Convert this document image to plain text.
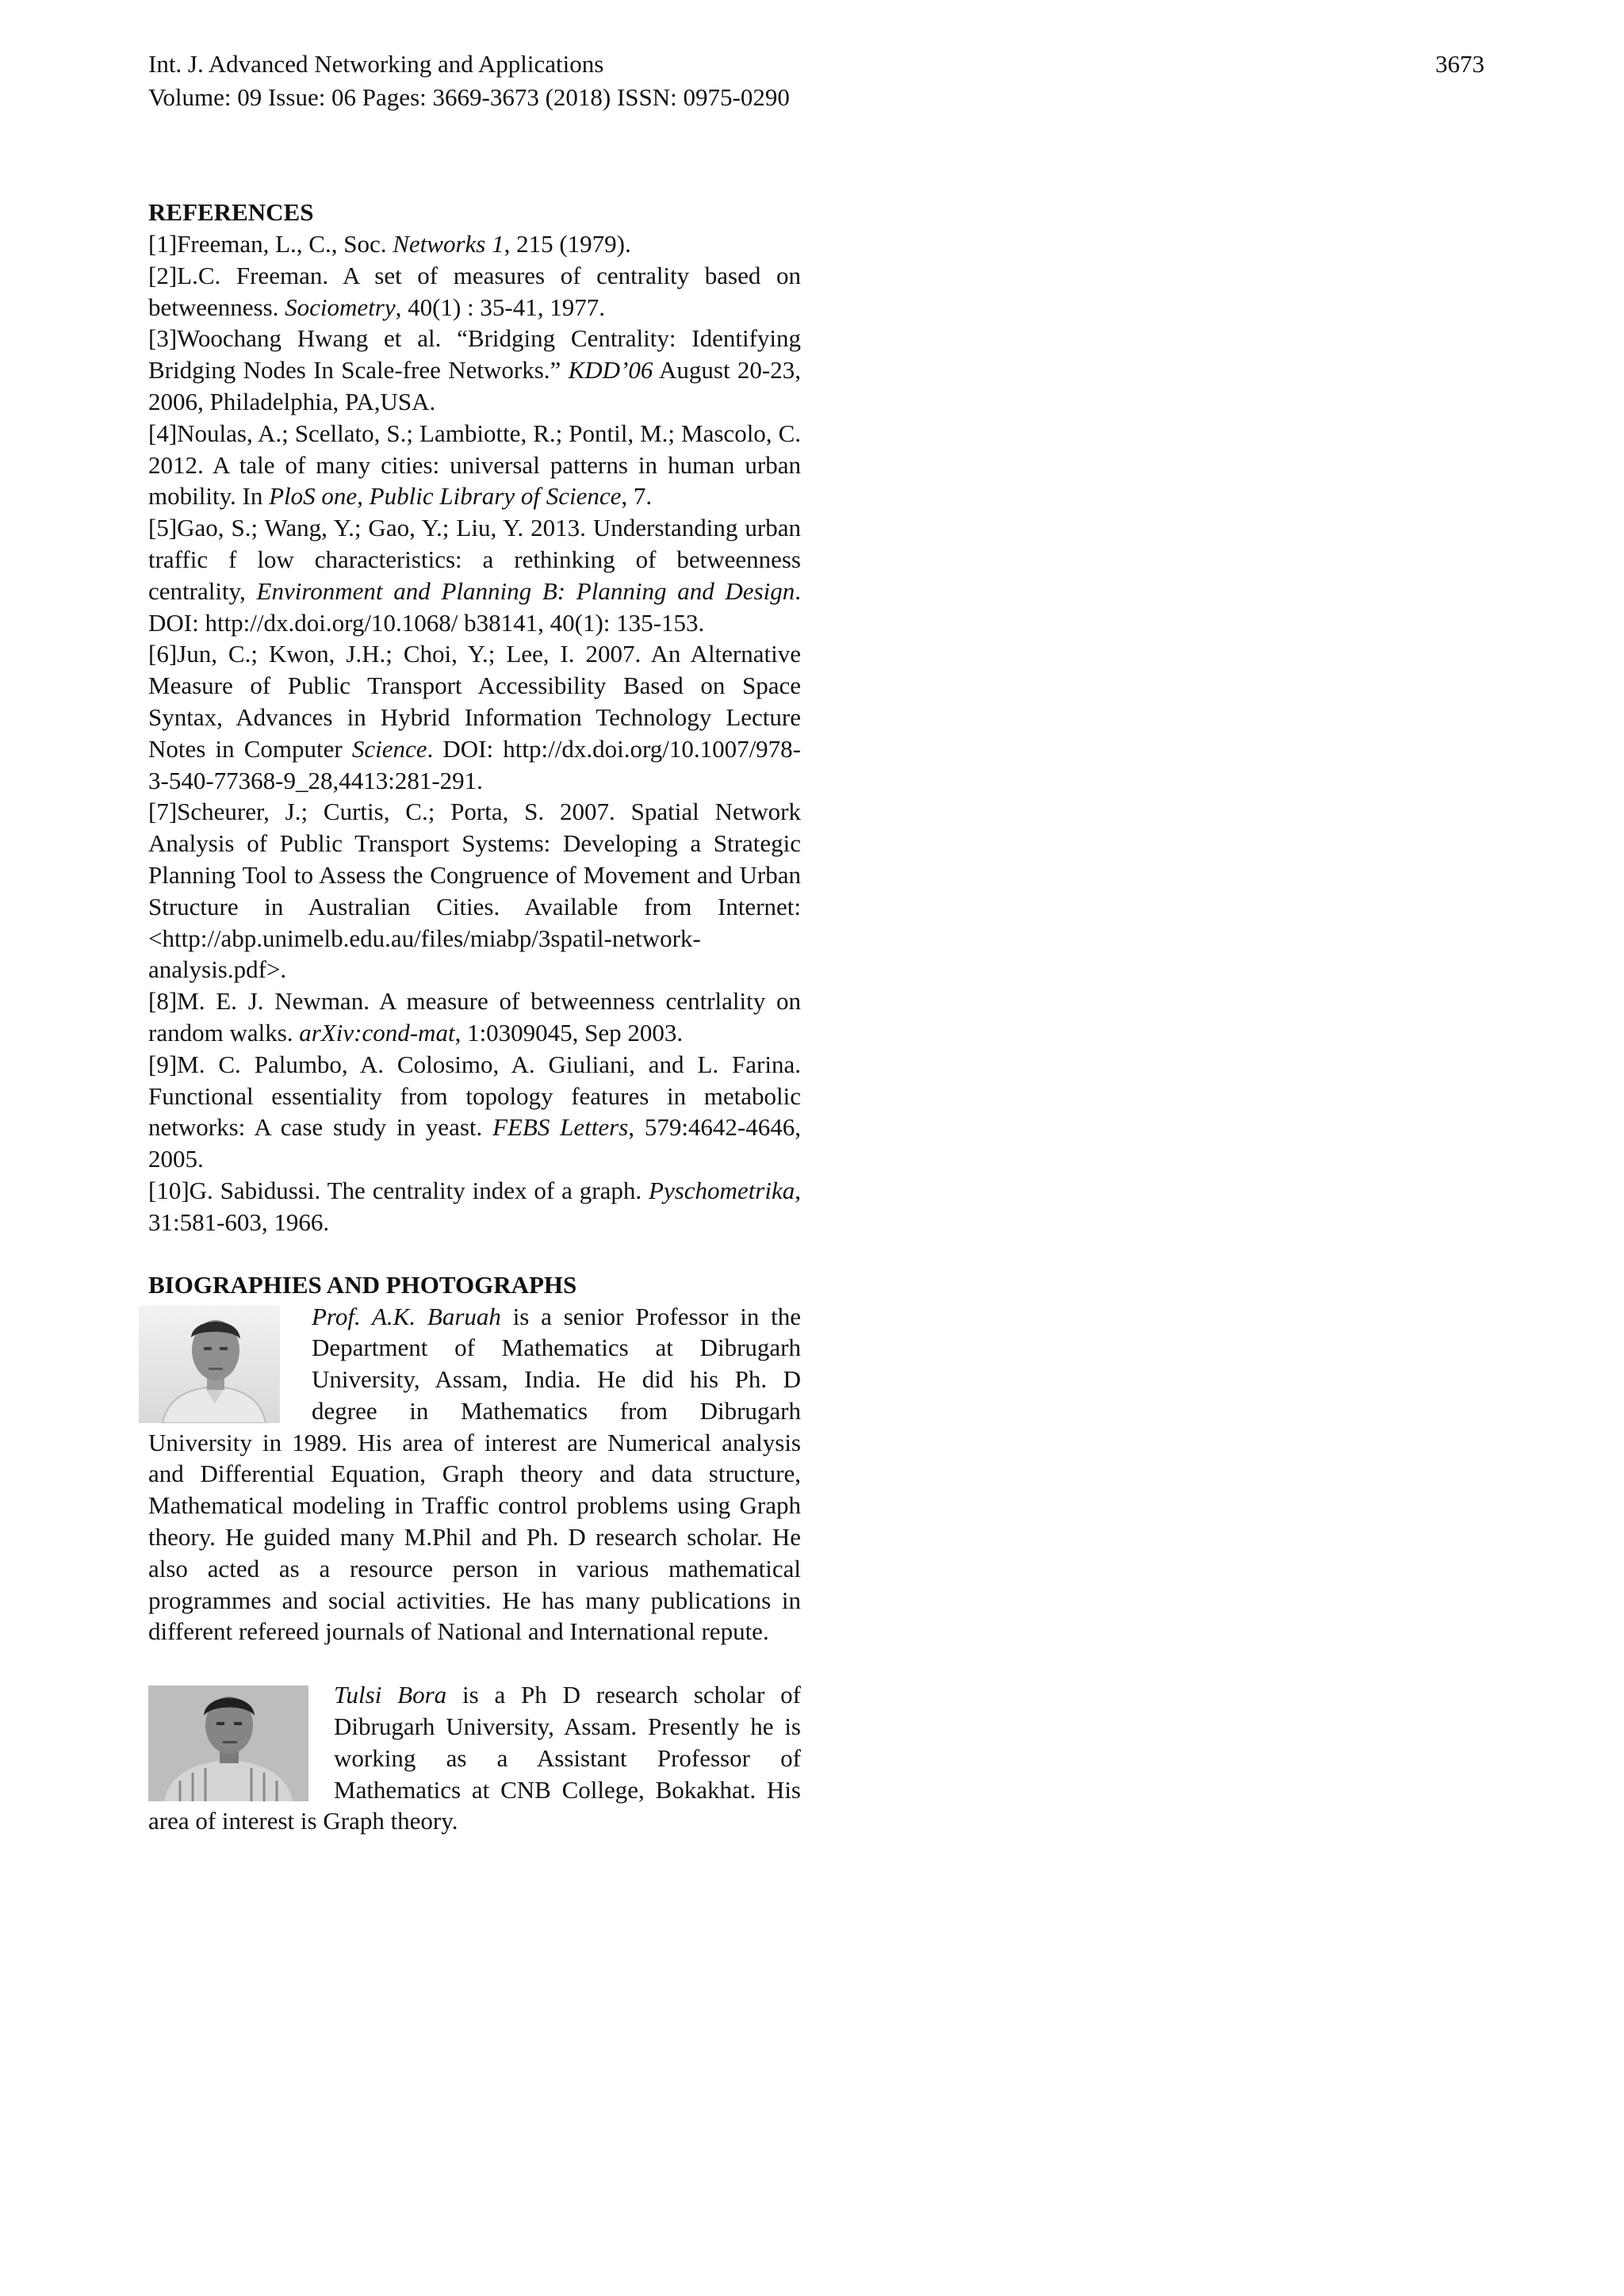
Int. J. Advanced Networking and Applications
Volume: 09 Issue: 06 Pages: 3669-3673 (2018) ISSN: 0975-0290
3673
REFERENCES

[1]Freeman, L., C., Soc. Networks 1, 215 (1979).

[2]L.C. Freeman. A set of measures of centrality based on betweenness. Sociometry, 40(1) : 35-41, 1977.

[3]Woochang Hwang et al. “Bridging Centrality: Identifying Bridging Nodes In Scale-free Networks.” KDD’06 August 20-23, 2006, Philadelphia, PA,USA.

[4]Noulas, A.; Scellato, S.; Lambiotte, R.; Pontil, M.; Mascolo, C. 2012. A tale of many cities: universal patterns in human urban mobility. In PloS one, Public Library of Science, 7.

[5]Gao, S.; Wang, Y.; Gao, Y.; Liu, Y. 2013. Understanding urban traffic f low characteristics: a rethinking of betweenness centrality, Environment and Planning B: Planning and Design. DOI: http://dx.doi.org/10.1068/ b38141, 40(1): 135-153.

[6]Jun, C.; Kwon, J.H.; Choi, Y.; Lee, I. 2007. An Alternative Measure of Public Transport Accessibility Based on Space Syntax, Advances in Hybrid Information Technology Lecture Notes in Computer Science. DOI: http://dx.doi.org/10.1007/978-3-540-77368-9_28,4413:281-291.

[7]Scheurer, J.; Curtis, C.; Porta, S. 2007. Spatial Network Analysis of Public Transport Systems: Developing a Strategic Planning Tool to Assess the Congruence of Movement and Urban Structure in Australian Cities. Available from Internet: <http://abp.unimelb.edu.au/files/miabp/3spatil-network-analysis.pdf>.

[8]M. E. J. Newman. A measure of betweenness centrlality on random walks. arXiv:cond-mat, 1:0309045, Sep 2003.

[9]M. C. Palumbo, A. Colosimo, A. Giuliani, and L. Farina. Functional essentiality from topology features in metabolic networks: A case study in yeast. FEBS Letters, 579:4642-4646, 2005.

[10]G. Sabidussi. The centrality index of a graph. Pyschometrika, 31:581-603, 1966.

BIOGRAPHIES AND PHOTOGRAPHS

Prof. A.K. Baruah is a senior Professor in the Department of Mathematics at Dibrugarh University, Assam, India. He did his Ph. D degree in Mathematics from Dibrugarh University in 1989. His area of interest are Numerical analysis and Differential Equation, Graph theory and data structure, Mathematical modeling in Traffic control problems using Graph theory. He guided many M.Phil and Ph. D research scholar. He also acted as a resource person in various mathematical programmes and social activities. He has many publications in different refereed journals of National and International repute.

Tulsi Bora is a Ph D research scholar of Dibrugarh University, Assam. Presently he is working as a Assistant Professor of Mathematics at CNB College, Bokakhat. His area of interest is Graph theory.
